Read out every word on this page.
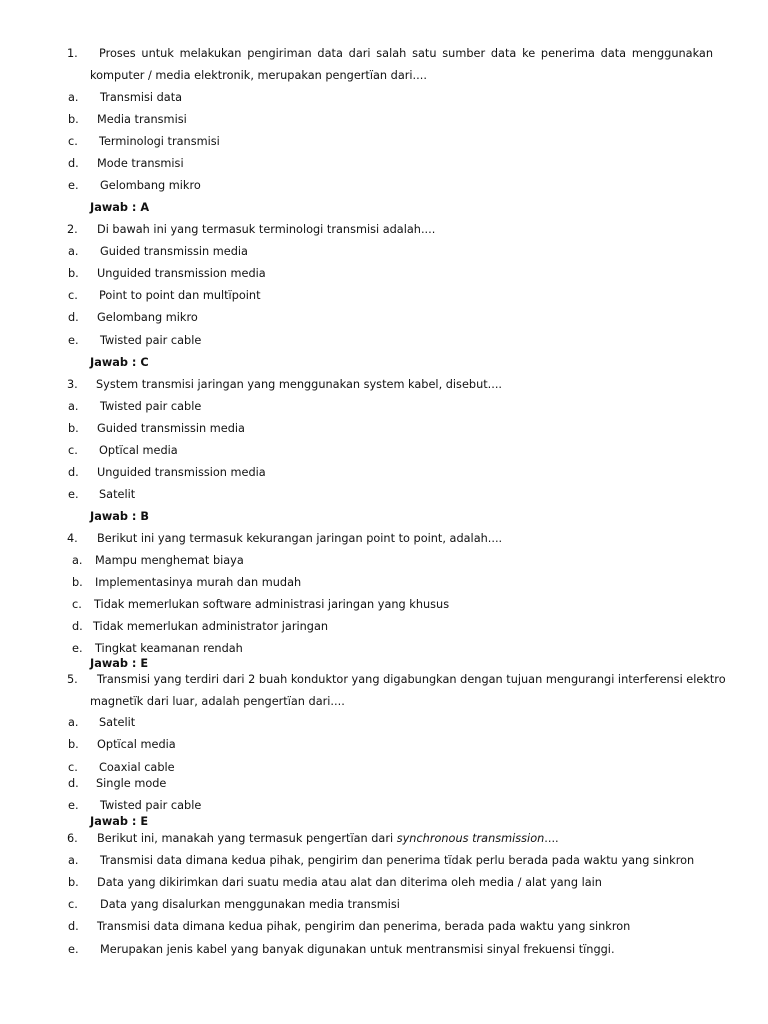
1. Proses untuk melakukan pengiriman data dari salah satu sumber data ke penerima data menggunakan
komputer / media elektronik, merupakan pengertïan dari....
a. Transmisi data
b. Media transmisi
c. Terminologi transmisi
d. Mode transmisi
e. Gelombang mikro
Jawab : A
2. Di bawah ini yang termasuk terminologi transmisi adalah....
a. Guided transmissin media
b. Unguided transmission media
c. Point to point dan multïpoint
d. Gelombang mikro
e. Twisted pair cable
Jawab : C
3. System transmisi jaringan yang menggunakan system kabel, disebut....
a. Twisted pair cable
b. Guided transmissin media
c. Optïcal media
d. Unguided transmission media
e. Satelit
Jawab : B
4. Berikut ini yang termasuk kekurangan jaringan point to point, adalah....
a. Mampu menghemat biaya
b. Implementasinya murah dan mudah
c. Tidak memerlukan software administrasi jaringan yang khusus
d. Tidak memerlukan administrator jaringan
e. Tingkat keamanan rendah
Jawab : E
5. Transmisi yang terdiri dari 2 buah konduktor yang digabungkan dengan tujuan mengurangi interferensi elektro
magnetïk dari luar, adalah pengertïan dari....
a. Satelit
b. Optïcal media
c. Coaxial cable
d. Single mode
e. Twisted pair cable
Jawab : E
6. Berikut ini, manakah yang termasuk pengertïan dari synchronous transmission....
a. Transmisi data dimana kedua pihak, pengirim dan penerima tïdak perlu berada pada waktu yang sinkron
b. Data yang dikirimkan dari suatu media atau alat dan diterima oleh media / alat yang lain
c. Data yang disalurkan menggunakan media transmisi
d. Transmisi data dimana kedua pihak, pengirim dan penerima, berada pada waktu yang sinkron
e. Merupakan jenis kabel yang banyak digunakan untuk mentransmisi sinyal frekuensi tïnggi.
